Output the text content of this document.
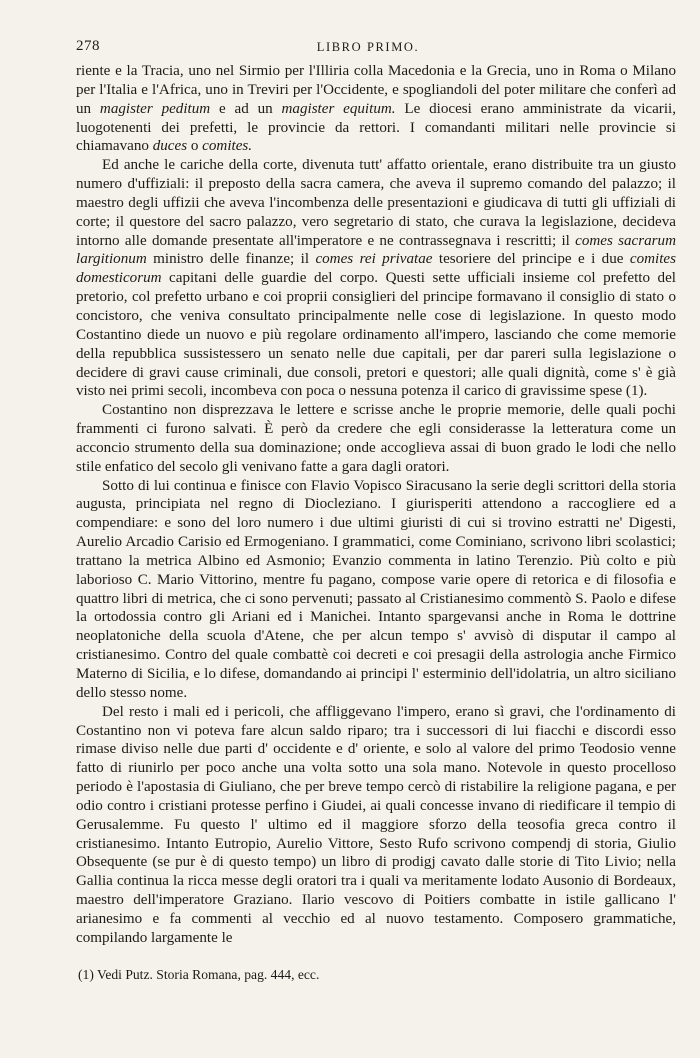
278	LIBRO PRIMO.

riente e la Tracia, uno nel Sirmio per l'Illiria colla Macedonia e la Grecia, uno in Roma o Milano per l'Italia e l'Africa, uno in Treviri per l'Occidente, e spogliandoli del poter militare che conferì ad un magister peditum e ad un magister equitum. Le diocesi erano amministrate da vicarii, luogotenenti dei prefetti, le provincie da rettori. I comandanti militari nelle provincie si chiamavano duces o comites.

Ed anche le cariche della corte, divenuta tutt' affatto orientale, erano distribuite tra un giusto numero d'uffiziali: il preposto della sacra camera, che aveva il supremo comando del palazzo; il maestro degli uffizii che aveva l'incombenza delle presentazioni e giudicava di tutti gli uffiziali di corte; il questore del sacro palazzo, vero segretario di stato, che curava la legislazione, decideva intorno alle domande presentate all'imperatore e ne contrassegnava i rescritti; il comes sacrarum largitionum ministro delle finanze; il comes rei privatae tesoriere del principe e i due comites domesticorum capitani delle guardie del corpo. Questi sette ufficiali insieme col prefetto del pretorio, col prefetto urbano e coi proprii consiglieri del principe formavano il consiglio di stato o concistoro, che veniva consultato principalmente nelle cose di legislazione. In questo modo Costantino diede un nuovo e più regolare ordinamento all'impero, lasciando che come memorie della repubblica sussistessero un senato nelle due capitali, per dar pareri sulla legislazione o decidere di gravi cause criminali, due consoli, pretori e questori; alle quali dignità, come s' è già visto nei primi secoli, incombeva con poca o nessuna potenza il carico di gravissime spese (1).

Costantino non disprezzava le lettere e scrisse anche le proprie memorie, delle quali pochi frammenti ci furono salvati. È però da credere che egli considerasse la letteratura come un acconcio strumento della sua dominazione; onde accoglieva assai di buon grado le lodi che nello stile enfatico del secolo gli venivano fatte a gara dagli oratori.

Sotto di lui continua e finisce con Flavio Vopisco Siracusano la serie degli scrittori della storia augusta, principiata nel regno di Diocleziano. I giurisperiti attendono a raccogliere ed a compendiare: e sono del loro numero i due ultimi giuristi di cui si trovino estratti ne' Digesti, Aurelio Arcadio Carisio ed Ermogeniano. I grammatici, come Cominiano, scrivono libri scolastici; trattano la metrica Albino ed Asmonio; Evanzio commenta in latino Terenzio. Più colto e più laborioso C. Mario Vittorino, mentre fu pagano, compose varie opere di retorica e di filosofia e quattro libri di metrica, che ci sono pervenuti; passato al Cristianesimo commentò S. Paolo e difese la ortodossia contro gli Ariani ed i Manichei. Intanto spargevansi anche in Roma le dottrine neoplatoniche della scuola d'Atene, che per alcun tempo s' avvisò di disputar il campo al cristianesimo. Contro del quale combattè coi decreti e coi presagii della astrologia anche Firmico Materno di Sicilia, e lo difese, domandando ai principi l' esterminio dell'idolatria, un altro siciliano dello stesso nome.

Del resto i mali ed i pericoli, che affliggevano l'impero, erano sì gravi, che l'ordinamento di Costantino non vi poteva fare alcun saldo riparo; tra i successori di lui fiacchi e discordi esso rimase diviso nelle due parti d' occidente e d' oriente, e solo al valore del primo Teodosio venne fatto di riunirlo per poco anche una volta sotto una sola mano. Notevole in questo procelloso periodo è l'apostasia di Giuliano, che per breve tempo cercò di ristabilire la religione pagana, e per odio contro i cristiani protesse perfino i Giudei, ai quali concesse invano di riedificare il tempio di Gerusalemme. Fu questo l' ultimo ed il maggiore sforzo della teosofia greca contro il cristianesimo. Intanto Eutropio, Aurelio Vittore, Sesto Rufo scrivono compendj di storia, Giulio Obsequente (se pur è di questo tempo) un libro di prodigj cavato dalle storie di Tito Livio; nella Gallia continua la ricca messe degli oratori tra i quali va meritamente lodato Ausonio di Bordeaux, maestro dell'imperatore Graziano. Ilario vescovo di Poitiers combatte in istile gallicano l' arianesimo e fa commenti al vecchio ed al nuovo testamento. Composero grammatiche, compilando largamente le

(1) Vedi Putz. Storia Romana, pag. 444, ecc.
